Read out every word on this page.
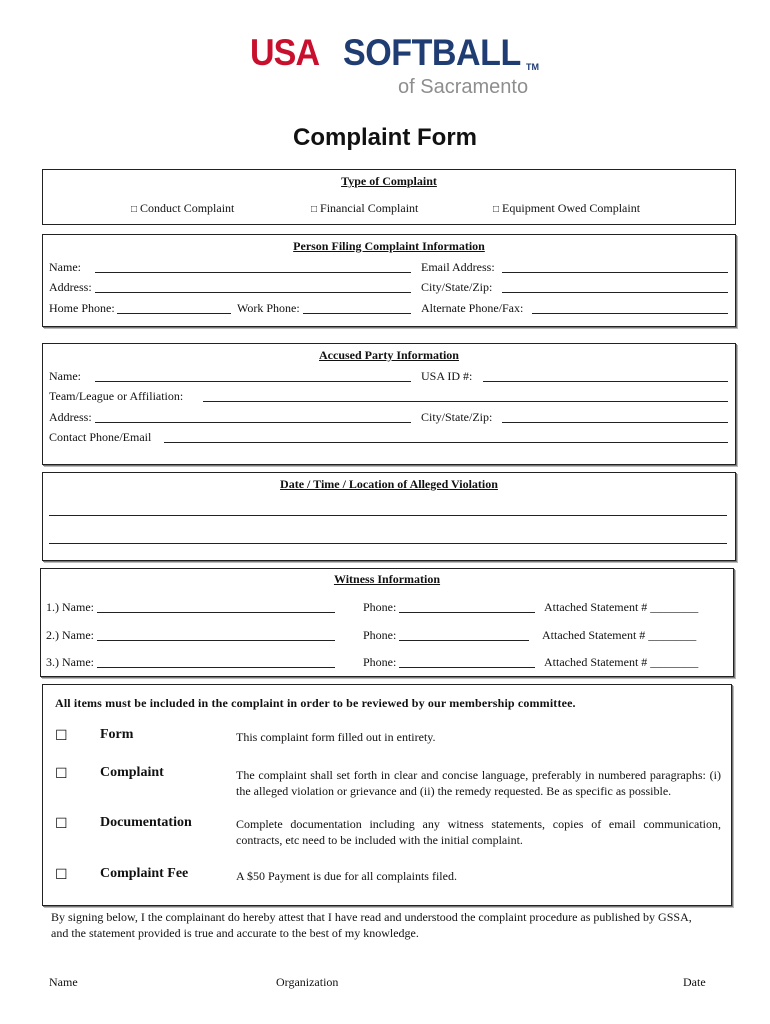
USA SOFTBALL TM
of Sacramento
Complaint Form
Type of Complaint
□ Conduct Complaint	□ Financial Complaint	□ Equipment Owed Complaint
Person Filing Complaint Information
Name:	Email Address:
Address:	City/State/Zip:
Home Phone:	Work Phone:	Alternate Phone/Fax:
Accused Party Information
Name:	USA ID #:
Team/League or Affiliation:
Address:	City/State/Zip:
Contact Phone/Email
Date / Time / Location of Alleged Violation
Witness Information
1.) Name:	Phone:	Attached Statement # ________
2.) Name:	Phone:	Attached Statement # ________
3.) Name:	Phone:	Attached Statement # ________
All items must be included in the complaint in order to be reviewed by our membership committee.
☐ Form	This complaint form filled out in entirety.
☐ Complaint	The complaint shall set forth in clear and concise language, preferably in numbered paragraphs: (i) the alleged violation or grievance and (ii) the remedy requested. Be as specific as possible.
☐ Documentation	Complete documentation including any witness statements, copies of email communication, contracts, etc need to be included with the initial complaint.
☐ Complaint Fee	A $50 Payment is due for all complaints filed.
By signing below, I the complainant do hereby attest that I have read and understood the complaint procedure as published by GSSA, and the statement provided is true and accurate to the best of my knowledge.
Name	Organization	Date
